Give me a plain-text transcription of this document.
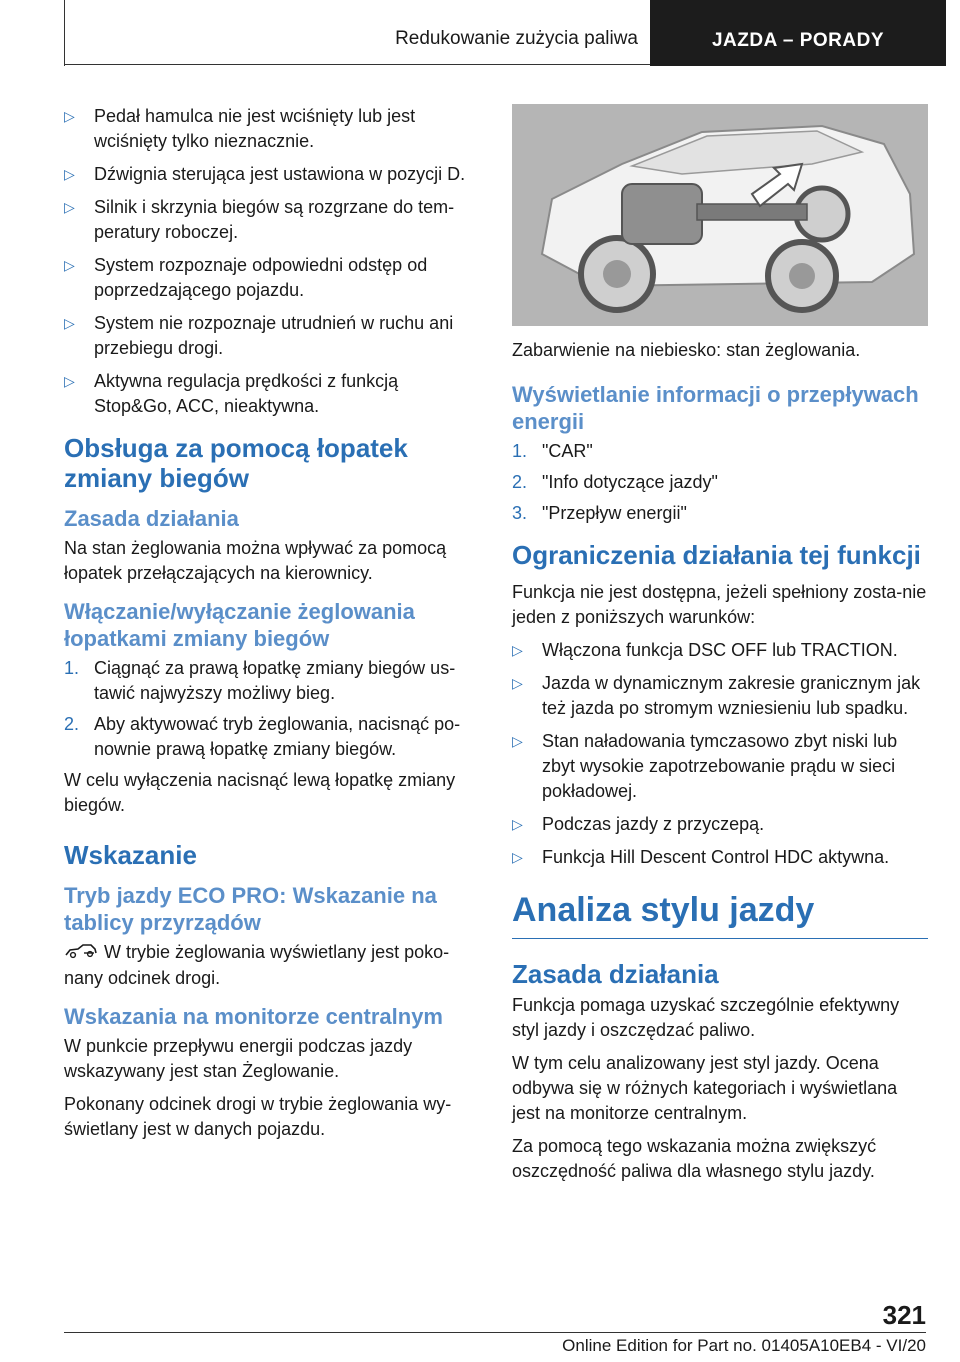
Redukowanie zużycia paliwa	JAZDA – PORADY
▷ Pedał hamulca nie jest wciśnięty lub jest wciśnięty tylko nieznacznie.
▷ Dźwignia sterująca jest ustawiona w pozycji D.
▷ Silnik i skrzynia biegów są rozgrzane do tem-peratury roboczej.
▷ System rozpoznaje odpowiedni odstęp od poprzedzającego pojazdu.
▷ System nie rozpoznaje utrudnień w ruchu ani przebiegu drogi.
▷ Aktywna regulacja prędkości z funkcją Stop&Go, ACC, nieaktywna.
Obsługa za pomocą łopatek zmiany biegów
Zasada działania

Na stan żeglowania można wpływać za pomocą łopatek przełączających na kierownicy.

Włączanie/wyłączanie żeglowania łopatkami zmiany biegów
1. Ciągnąć za prawą łopatkę zmiany biegów us-tawić najwyższy możliwy bieg.
2. Aby aktywować tryb żeglowania, nacisnąć po-nownie prawą łopatkę zmiany biegów.

W celu wyłączenia nacisnąć lewą łopatkę zmiany biegów.

Wskazanie
Tryb jazdy ECO PRO: Wskazanie na tablicy przyrządów

W trybie żeglowania wyświetlany jest poko-nany odcinek drogi.

Wskazania na monitorze centralnym

W punkcie przepływu energii podczas jazdy wskazywany jest stan Żeglowanie.

Pokonany odcinek drogi w trybie żeglowania wy-świetlany jest w danych pojazdu.

Zabarwienie na niebiesko: stan żeglowania.

Wyświetlanie informacji o przepływach energii
1. "CAR"
2. "Info dotyczące jazdy"
3. "Przepływ energii"
Ograniczenia działania tej funkcji

Funkcja nie jest dostępna, jeżeli spełniony zosta-nie jeden z poniższych warunków:

▷ Włączona funkcja DSC OFF lub TRACTION.
▷ Jazda w dynamicznym zakresie granicznym jak też jazda po stromym wzniesieniu lub spadku.
▷ Stan naładowania tymczasowo zbyt niski lub zbyt wysokie zapotrzebowanie prądu w sieci pokładowej.
▷ Podczas jazdy z przyczepą.
▷ Funkcja Hill Descent Control HDC aktywna.
Analiza stylu jazdy
Zasada działania

Funkcja pomaga uzyskać szczególnie efektywny styl jazdy i oszczędzać paliwo.

W tym celu analizowany jest styl jazdy. Ocena odbywa się w różnych kategoriach i wyświetlana jest na monitorze centralnym.

Za pomocą tego wskazania można zwiększyć oszczędność paliwa dla własnego stylu jazdy.

321
Online Edition for Part no. 01405A10EB4 - VI/20
